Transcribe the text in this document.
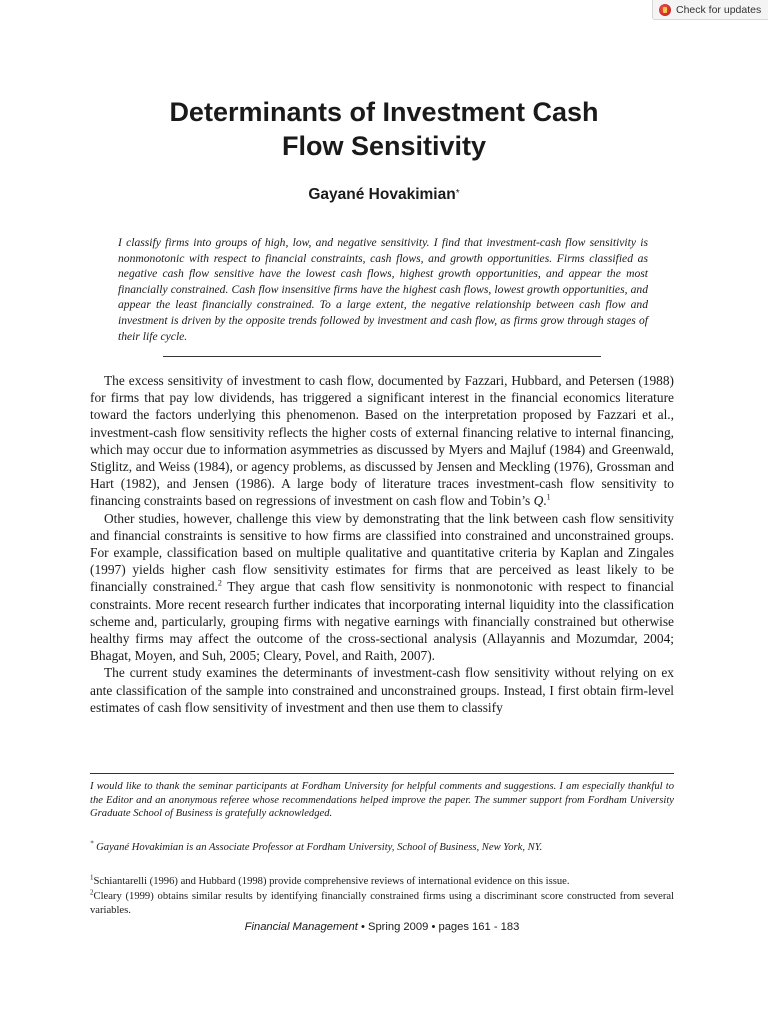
Check for updates
Determinants of Investment Cash
Flow Sensitivity
Gayané Hovakimian*
I classify firms into groups of high, low, and negative sensitivity. I find that investment-cash flow sensitivity is nonmonotonic with respect to financial constraints, cash flows, and growth opportunities. Firms classified as negative cash flow sensitive have the lowest cash flows, highest growth opportunities, and appear the most financially constrained. Cash flow insensitive firms have the highest cash flows, lowest growth opportunities, and appear the least financially constrained. To a large extent, the negative relationship between cash flow and investment is driven by the opposite trends followed by investment and cash flow, as firms grow through stages of their life cycle.

The excess sensitivity of investment to cash flow, documented by Fazzari, Hubbard, and Petersen (1988) for firms that pay low dividends, has triggered a significant interest in the financial economics literature toward the factors underlying this phenomenon. Based on the interpretation proposed by Fazzari et al., investment-cash flow sensitivity reflects the higher costs of external financing relative to internal financing, which may occur due to information asymmetries as discussed by Myers and Majluf (1984) and Greenwald, Stiglitz, and Weiss (1984), or agency problems, as discussed by Jensen and Meckling (1976), Grossman and Hart (1982), and Jensen (1986). A large body of literature traces investment-cash flow sensitivity to financing constraints based on regressions of investment on cash flow and Tobin’s Q.$^1$

Other studies, however, challenge this view by demonstrating that the link between cash flow sensitivity and financial constraints is sensitive to how firms are classified into constrained and unconstrained groups. For example, classification based on multiple qualitative and quantitative criteria by Kaplan and Zingales (1997) yields higher cash flow sensitivity estimates for firms that are perceived as least likely to be financially constrained.$^2$ They argue that cash flow sensitivity is nonmonotonic with respect to financial constraints. More recent research further indicates that incorporating internal liquidity into the classification scheme and, particularly, grouping firms with negative earnings with financially constrained but otherwise healthy firms may affect the outcome of the cross-sectional analysis (Allayannis and Mozumdar, 2004; Bhagat, Moyen, and Suh, 2005; Cleary, Povel, and Raith, 2007).

The current study examines the determinants of investment-cash flow sensitivity without relying on ex ante classification of the sample into constrained and unconstrained groups. Instead, I first obtain firm-level estimates of cash flow sensitivity of investment and then use them to classify

I would like to thank the seminar participants at Fordham University for helpful comments and suggestions. I am especially thankful to the Editor and an anonymous referee whose recommendations helped improve the paper. The summer support from Fordham University Graduate School of Business is gratefully acknowledged.
* Gayané Hovakimian is an Associate Professor at Fordham University, School of Business, New York, NY.
$^1$Schiantarelli (1996) and Hubbard (1998) provide comprehensive reviews of international evidence on this issue.
$^2$Cleary (1999) obtains similar results by identifying financially constrained firms using a discriminant score constructed from several variables.
Financial Management • Spring 2009 • pages 161 - 183
